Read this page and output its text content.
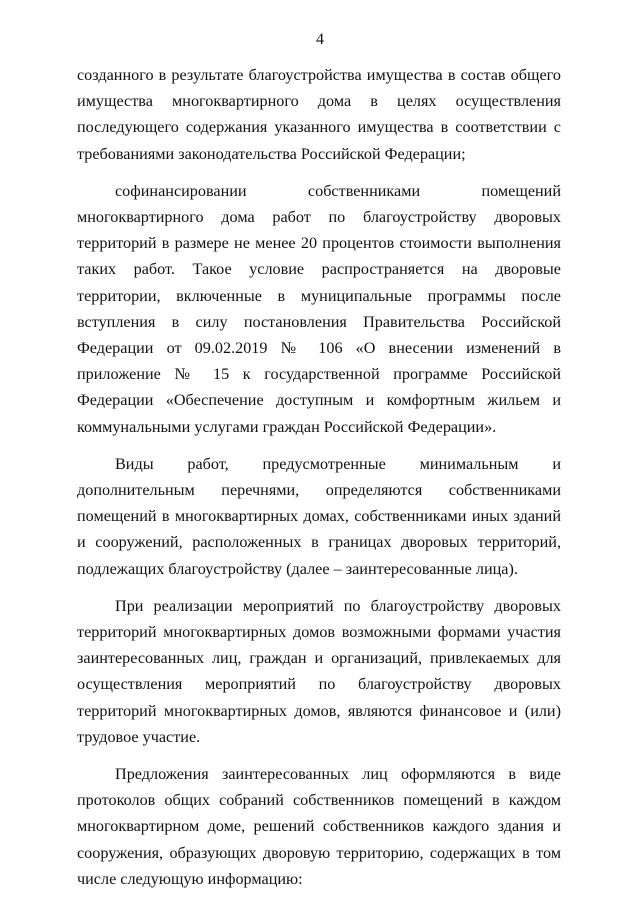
4

созданного в результате благоустройства имущества в состав общего имущества многоквартирного дома в целях осуществления последующего содержания указанного имущества в соответствии с требованиями законодательства Российской Федерации;

софинансировании собственниками помещений многоквартирного дома работ по благоустройству дворовых территорий в размере не менее 20 процентов стоимости выполнения таких работ. Такое условие распространяется на дворовые территории, включенные в муниципальные программы после вступления в силу постановления Правительства Российской Федерации от 09.02.2019 № 106 «О внесении изменений в приложение № 15 к государственной программе Российской Федерации «Обеспечение доступным и комфортным жильем и коммунальными услугами граждан Российской Федерации».

Виды работ, предусмотренные минимальным и дополнительным перечнями, определяются собственниками помещений в многоквартирных домах, собственниками иных зданий и сооружений, расположенных в границах дворовых территорий, подлежащих благоустройству (далее – заинтересованные лица).

При реализации мероприятий по благоустройству дворовых территорий многоквартирных домов возможными формами участия заинтересованных лиц, граждан и организаций, привлекаемых для осуществления мероприятий по благоустройству дворовых территорий многоквартирных домов, являются финансовое и (или) трудовое участие.

Предложения заинтересованных лиц оформляются в виде протоколов общих собраний собственников помещений в каждом многоквартирном доме, решений собственников каждого здания и сооружения, образующих дворовую территорию, содержащих в том числе следующую информацию:
